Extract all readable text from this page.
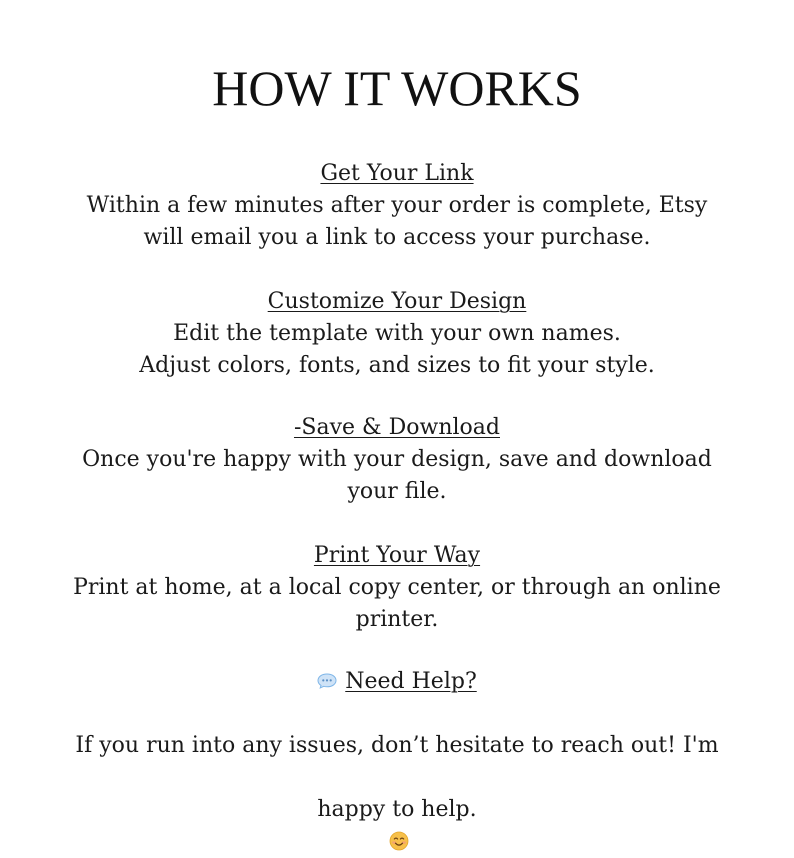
HOW IT WORKS
Get Your Link
Within a few minutes after your order is complete, Etsy
will email you a link to access your purchase.
Customize Your Design
Edit the template with your own names.
Adjust colors, fonts, and sizes to fit your style.
-Save & Download
Once you're happy with your design, save and download
your file.
Print Your Way
Print at home, at a local copy center, or through an online
printer.
Need Help?

If you run into any issues, don’t hesitate to reach out! I'm

happy to help.
